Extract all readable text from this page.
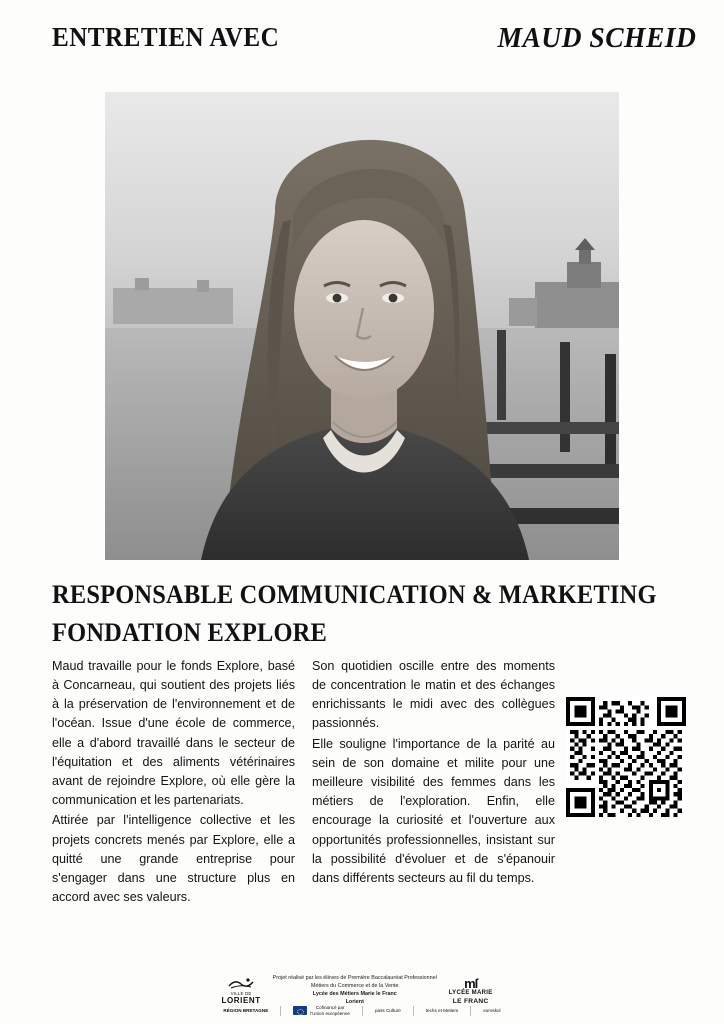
ENTRETIEN AVEC	MAUD SCHEID
RESPONSABLE COMMUNICATION & MARKETING
FONDATION EXPLORE

Maud travaille pour le fonds Explore, basé à Concarneau, qui soutient des projets liés à la préservation de l'environnement et de l'océan. Issue d'une école de commerce, elle a d'abord travaillé dans le secteur de l'équitation et des aliments vétérinaires avant de rejoindre Explore, où elle gère la communication et les partenariats.

Attirée par l'intelligence collective et les projets concrets menés par Explore, elle a quitté une grande entreprise pour s'engager dans une structure plus en accord avec ses valeurs.

Son quotidien oscille entre des moments de concentration le matin et des échanges enrichissants le midi avec des collègues passionnés.

Elle souligne l'importance de la parité au sein de son domaine et milite pour une meilleure visibilité des femmes dans les métiers de l'exploration. Enfin, elle encourage la curiosité et l'ouverture aux opportunités professionnelles, insistant sur la possibilité d'évoluer et de s'épanouir dans différents secteurs au fil du temps.

VILLE DE
LORIENT
Projet réalisé par les élèves de Première Baccalauréat Professionnel
Métiers du Commerce et de la Vente
Lycée des Métiers Marie le Franc
Lorient
mſ
LYCÉE MARIE
LE FRANC
RÉGION BRETAGNE
Cofinancé par
l'Union européenne
pass Culture	techs et Metiers	euroskol
